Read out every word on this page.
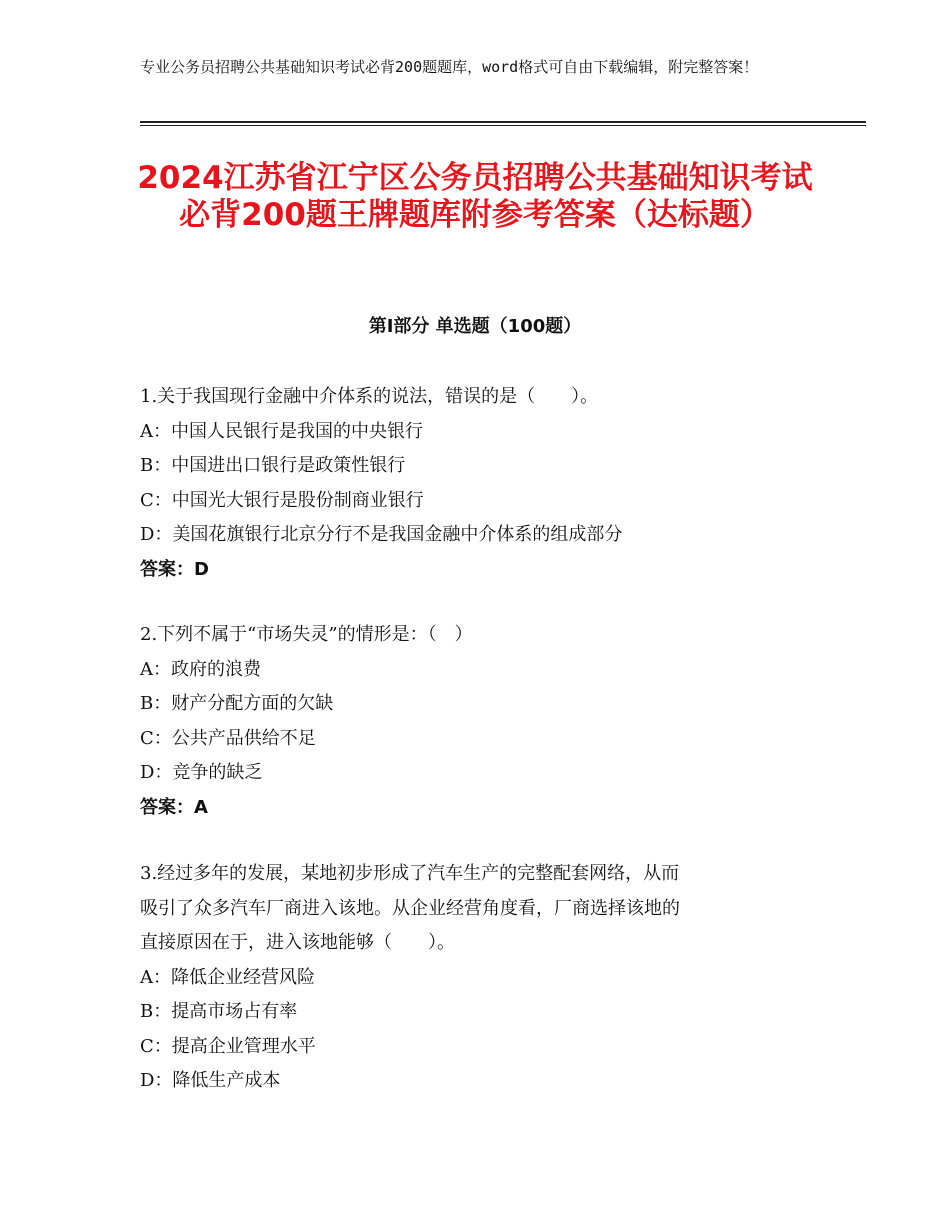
专业公务员招聘公共基础知识考试必背200题题库，word格式可自由下载编辑，附完整答案！
2024江苏省江宁区公务员招聘公共基础知识考试必背200题王牌题库附参考答案（达标题）
第Ⅰ部分 单选题（100题）
1.关于我国现行金融中介体系的说法，错误的是（　　）。
A：中国人民银行是我国的中央银行
B：中国进出口银行是政策性银行
C：中国光大银行是股份制商业银行
D：美国花旗银行北京分行不是我国金融中介体系的组成部分
答案：D
2.下列不属于“市场失灵”的情形是：（　）
A：政府的浪费
B：财产分配方面的欠缺
C：公共产品供给不足
D：竞争的缺乏
答案：A
3.经过多年的发展，某地初步形成了汽车生产的完整配套网络，从而
吸引了众多汽车厂商进入该地。从企业经营角度看，厂商选择该地的
直接原因在于，进入该地能够（　　）。
A：降低企业经营风险
B：提高市场占有率
C：提高企业管理水平
D：降低生产成本
